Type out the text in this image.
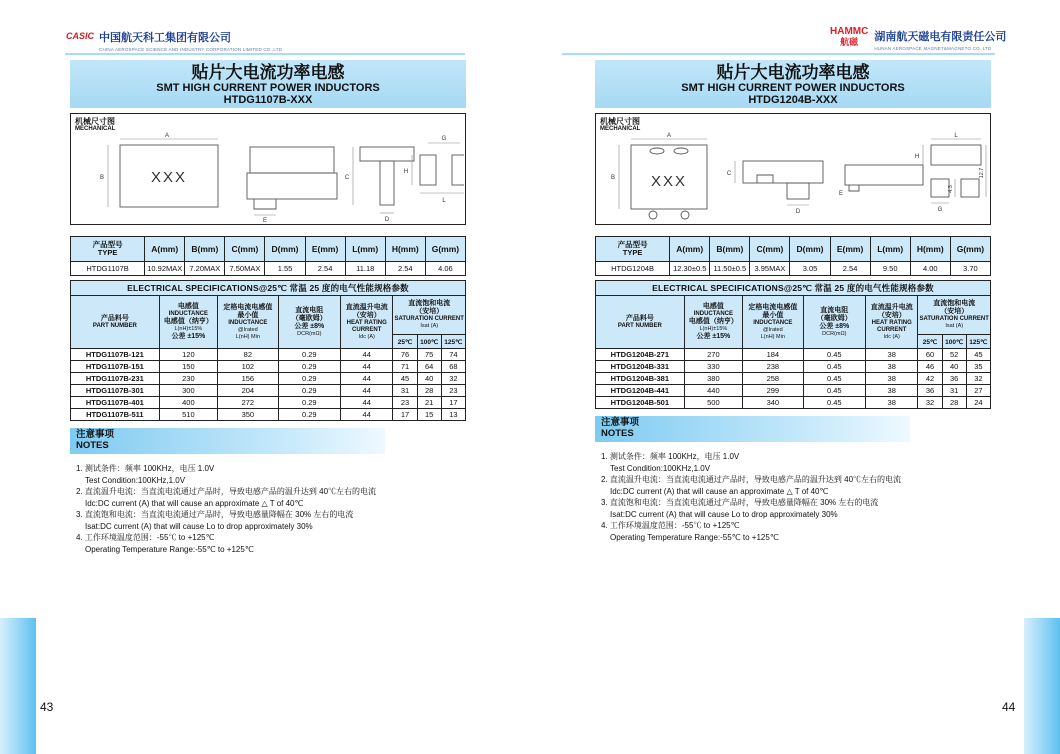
CASIC 中国航天科工集团有限公司
CHINA AEROSPACE SCIENCE AND INDUSTRY CORPORATION LIMITED CO.,LTD
HAMMC
航磁	湖南航天磁电有限责任公司
HUNAN AEROSPACE MAGNET&MAGNETO CO.,LTD
贴片大电流功率电感
SMT HIGH CURRENT POWER INDUCTORS
HTDG1107B-XXX
机械尺寸图
MECHANICAL
A
B	XXX
E
C
D
G
H
L
产品型号
TYPE	A(mm)	B(mm)	C(mm)	D(mm)	E(mm)	L(mm)	H(mm)	G(mm)
HTDG1107B	10.92MAX	7.20MAX	7.50MAX	1.55	2.54	11.18	2.54	4.06
ELECTRICAL SPECIFICATIONS@25℃ 常温 25 度的电气性能规格参数							

产品料号
PART NUMBER	电感值
INDUCTANCE
电感值（纳亨）
L(nH)±15%
公差 ±15%	定格电流电感值
最小值
INDUCTANCE
@Irated
L(nH) Min	直流电阻
（毫欧姆）
公差 ±8%
DCR(mΩ)	直流温升电流
（安培）
HEAT RATING
CURRENT
Idc (A)	直流饱和电流
（安培）
SATURATION CURRENT
Isat (A)		

					25℃	100℃	125℃
HTDG1107B-121	120	82	0.29	44	76	75	74
HTDG1107B-151	150	102	0.29	44	71	64	68
HTDG1107B-231	230	156	0.29	44	45	40	32
HTDG1107B-301	300	204	0.29	44	31	28	23
HTDG1107B-401	400	272	0.29	44	23	21	17
HTDG1107B-511	510	350	0.29	44	17	15	13
注意事项
NOTES
1. 测试条件：频率 100KHz，电压 1.0V
Test Condition:100KHz,1.0V
2. 直流温升电流：当直流电流通过产品时，导致电感产品的温升达到 40℃左右的电流
Idc:DC current (A) that will cause an approximate △ T of 40℃
3. 直流饱和电流：当直流电流通过产品时，导致电感量降幅在 30% 左右的电流
Isat:DC current (A) that will cause Lo to drop approximately 30%
4. 工作环境温度范围：-55℃ to +125℃
Operating Temperature Range:-55℃ to +125℃
贴片大电流功率电感
SMT HIGH CURRENT POWER INDUCTORS
HTDG1204B-XXX
机械尺寸图
MECHANICAL
A
B XXX	C
D
E
L
H
12.7
4.3
G
产品型号
TYPE	A(mm)	B(mm)	C(mm)	D(mm)	E(mm)	L(mm)	H(mm)	G(mm)
HTDG1204B	12.30±0.5	11.50±0.5	3.95MAX	3.05	2.54	9.50	4.00	3.70
ELECTRICAL SPECIFICATIONS@25℃ 常温 25 度的电气性能规格参数							

产品料号
PART NUMBER	电感值
INDUCTANCE
电感值（纳亨）
L(nH)±15%
公差 ±15%	定格电流电感值
最小值
INDUCTANCE
@Irated
L(nH) Min	直流电阻
（毫欧姆）
公差 ±8%
DCR(mΩ)	直流温升电流
（安培）
HEAT RATING
CURRENT
Idc (A)	直流饱和电流
（安培）
SATURATION CURRENT
Isat (A)		

					25℃	100℃	125℃
HTDG1204B-271	270	184	0.45	38	60	52	45
HTDG1204B-331	330	238	0.45	38	46	40	35
HTDG1204B-381	380	258	0.45	38	42	36	32
HTDG1204B-441	440	299	0.45	38	36	31	27
HTDG1204B-501	500	340	0.45	38	32	28	24
注意事项
NOTES
1. 测试条件：频率 100KHz，电压 1.0V
Test Condition:100KHz,1.0V
2. 直流温升电流：当直流电流通过产品时，导致电感产品的温升达到 40℃左右的电流
Idc:DC current (A) that will cause an approximate △ T of 40℃
3. 直流饱和电流：当直流电流通过产品时，导致电感量降幅在 30% 左右的电流
Isat:DC current (A) that will cause Lo to drop approximately 30%
4. 工作环境温度范围：-55℃ to +125℃
Operating Temperature Range:-55℃ to +125℃
43	44
